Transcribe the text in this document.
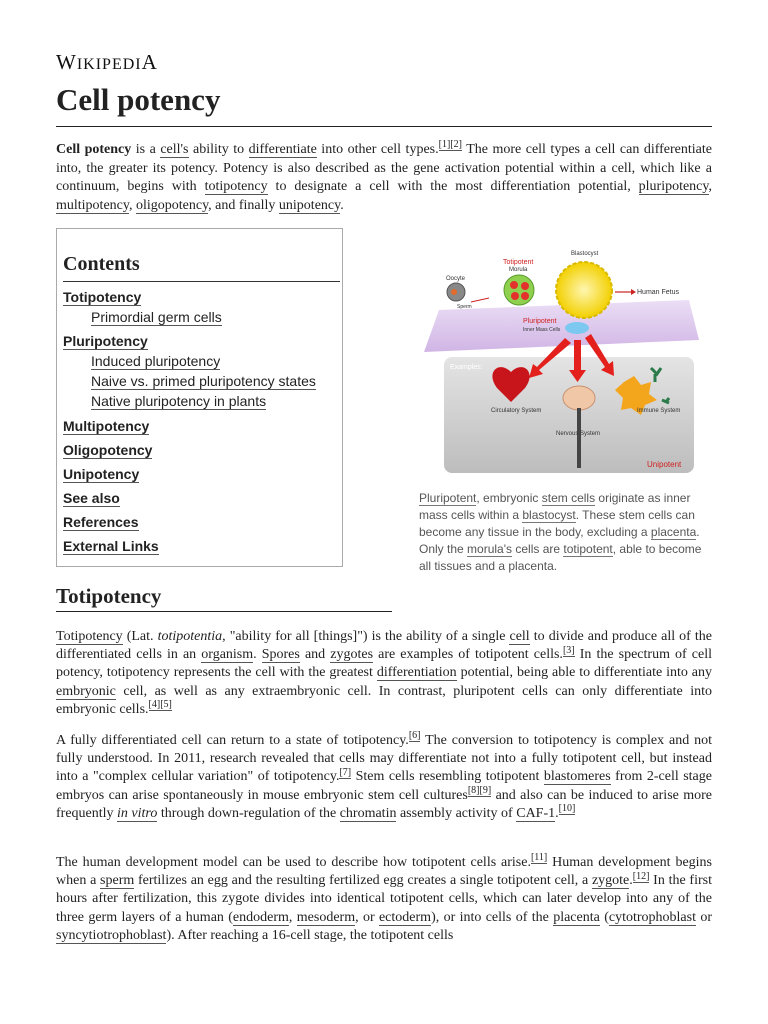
WIKIPEDIA
Cell potency

Cell potency is a cell's ability to differentiate into other cell types.[1][2] The more cell types a cell can differentiate into, the greater its potency. Potency is also described as the gene activation potential within a cell, which like a continuum, begins with totipotency to designate a cell with the most differentiation potential, pluripotency, multipotency, oligopotency, and finally unipotency.

Contents
Totipotency
Primordial germ cells
Pluripotency
Induced pluripotency
Naive vs. primed pluripotency states
Native pluripotency in plants
Multipotency
Oligopotency
Unipotency
See also
References
External Links
Examples:
Unipotent
Oocyte
Sperm
Totipotent
Morula
Blastocyst
Pluripotent
Inner Mass Cells
Human Fetus
Circulatory System
Nervous System
Immune System
Pluripotent, embryonic stem cells originate as inner mass cells within a blastocyst. These stem cells can become any tissue in the body, excluding a placenta. Only the morula's cells are totipotent, able to become all tissues and a placenta.
Totipotency

Totipotency (Lat. totipotentia, "ability for all [things]") is the ability of a single cell to divide and produce all of the differentiated cells in an organism. Spores and zygotes are examples of totipotent cells.[3] In the spectrum of cell potency, totipotency represents the cell with the greatest differentiation potential, being able to differentiate into any embryonic cell, as well as any extraembryonic cell. In contrast, pluripotent cells can only differentiate into embryonic cells.[4][5]

A fully differentiated cell can return to a state of totipotency.[6] The conversion to totipotency is complex and not fully understood. In 2011, research revealed that cells may differentiate not into a fully totipotent cell, but instead into a "complex cellular variation" of totipotency.[7] Stem cells resembling totipotent blastomeres from 2-cell stage embryos can arise spontaneously in mouse embryonic stem cell cultures[8][9] and also can be induced to arise more frequently in vitro through down-regulation of the chromatin assembly activity of CAF-1.[10]

The human development model can be used to describe how totipotent cells arise.[11] Human development begins when a sperm fertilizes an egg and the resulting fertilized egg creates a single totipotent cell, a zygote.[12] In the first hours after fertilization, this zygote divides into identical totipotent cells, which can later develop into any of the three germ layers of a human (endoderm, mesoderm, or ectoderm), or into cells of the placenta (cytotrophoblast or syncytiotrophoblast). After reaching a 16-cell stage, the totipotent cells
